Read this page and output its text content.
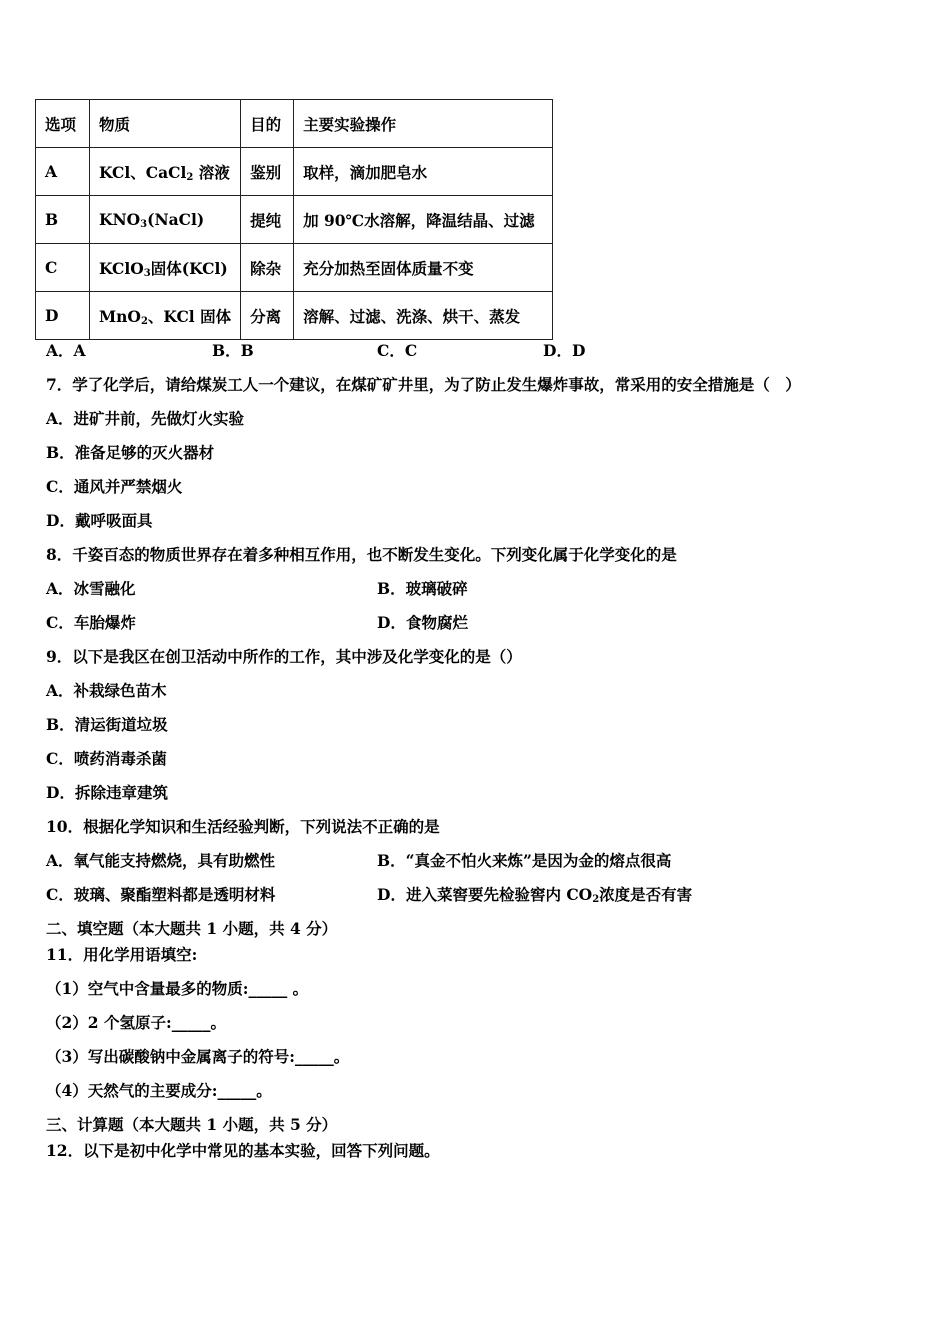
选项	物质	目的	主要实验操作
A	KCl、CaCl$_2$ 溶液	鉴别	取样，滴加肥皂水
B	$KNO_3(NaCl)$	提纯	加 90℃水溶解，降温结晶、过滤
C	KClO$_3$固体(KCl)	除杂	充分加热至固体质量不变
D	MnO$_2$、KCl 固体	分离	溶解、过滤、洗涤、烘干、蒸发
A．A	B．B	C．C	D．D
7．学了化学后，请给煤炭工人一个建议，在煤矿矿井里，为了防止发生爆炸事故，常采用的安全措施是（　）
A．进矿井前，先做灯火实验
B．准备足够的灭火器材
C．通风并严禁烟火
D．戴呼吸面具
8．千姿百态的物质世界存在着多种相互作用，也不断发生变化。下列变化属于化学变化的是
A．冰雪融化	B．玻璃破碎
C．车胎爆炸	D．食物腐烂
9．以下是我区在创卫活动中所作的工作，其中涉及化学变化的是（）
A．补栽绿色苗木
B．清运街道垃圾
C．喷药消毒杀菌
D．拆除违章建筑
10．根据化学知识和生活经验判断，下列说法不正确的是
A．氧气能支持燃烧，具有助燃性	B．“真金不怕火来炼”是因为金的熔点很高
C．玻璃、聚酯塑料都是透明材料	D．进入菜窖要先检验窖内 $CO_2$浓度是否有害
二、填空题（本大题共 1 小题，共 4 分）
11．用化学用语填空:
（1）空气中含量最多的物质:_____ 。
（2）2 个氢原子:_____。
（3）写出碳酸钠中金属离子的符号:_____。
（4）天然气的主要成分:_____。
三、计算题（本大题共 1 小题，共 5 分）
12．以下是初中化学中常见的基本实验，回答下列问题。
